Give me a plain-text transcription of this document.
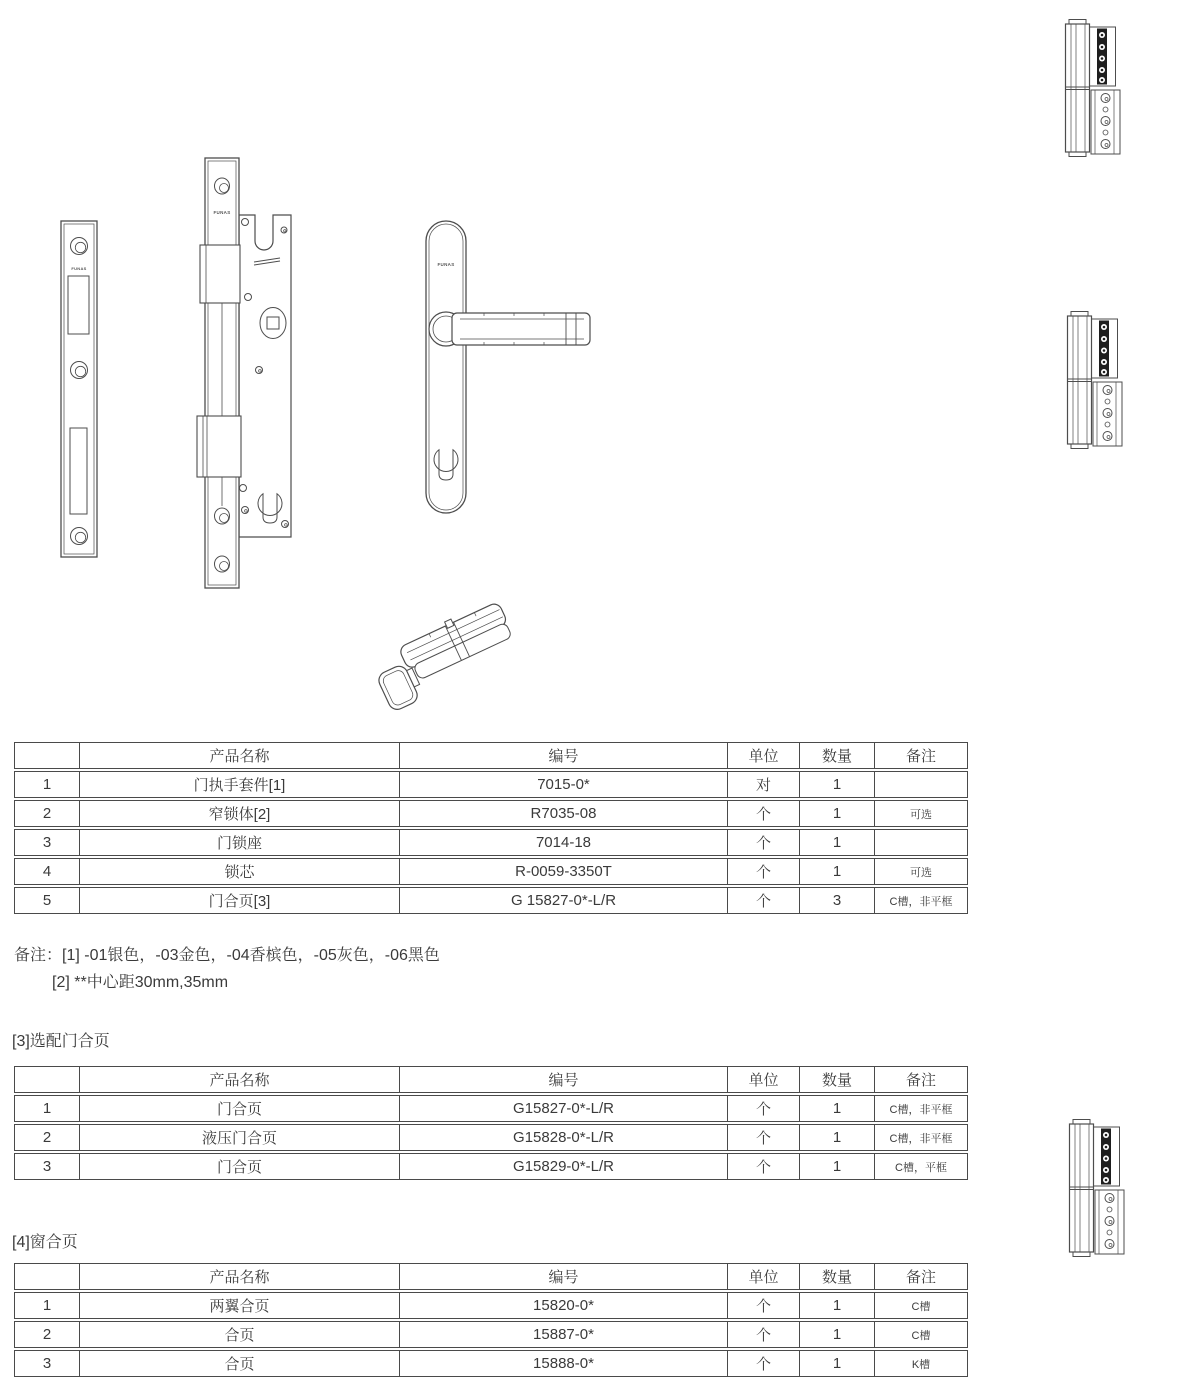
FUNAS
FUNAS
FUNAS
	产品名称	编号	单位	数量	备注
1	门执手套件[1]	7015-0*	对	1	
2	窄锁体[2]	R7035-08	个	1	可选
3	门锁座	7014-18	个	1	
4	锁芯	R-0059-3350T	个	1	可选
5	门合页[3]	G 15827-0*-L/R	个	3	C槽，非平框
备注：[1] -01银色，-03金色，-04香槟色，-05灰色，-06黑色
[2] **中心距30mm,35mm
[3]选配门合页
	产品名称	编号	单位	数量	备注
1	门合页	G15827-0*-L/R	个	1	C槽，非平框
2	液压门合页	G15828-0*-L/R	个	1	C槽，非平框
3	门合页	G15829-0*-L/R	个	1	C槽，平框
[4]窗合页
	产品名称	编号	单位	数量	备注
1	两翼合页	15820-0*	个	1	C槽
2	合页	15887-0*	个	1	C槽
3	合页	15888-0*	个	1	K槽
